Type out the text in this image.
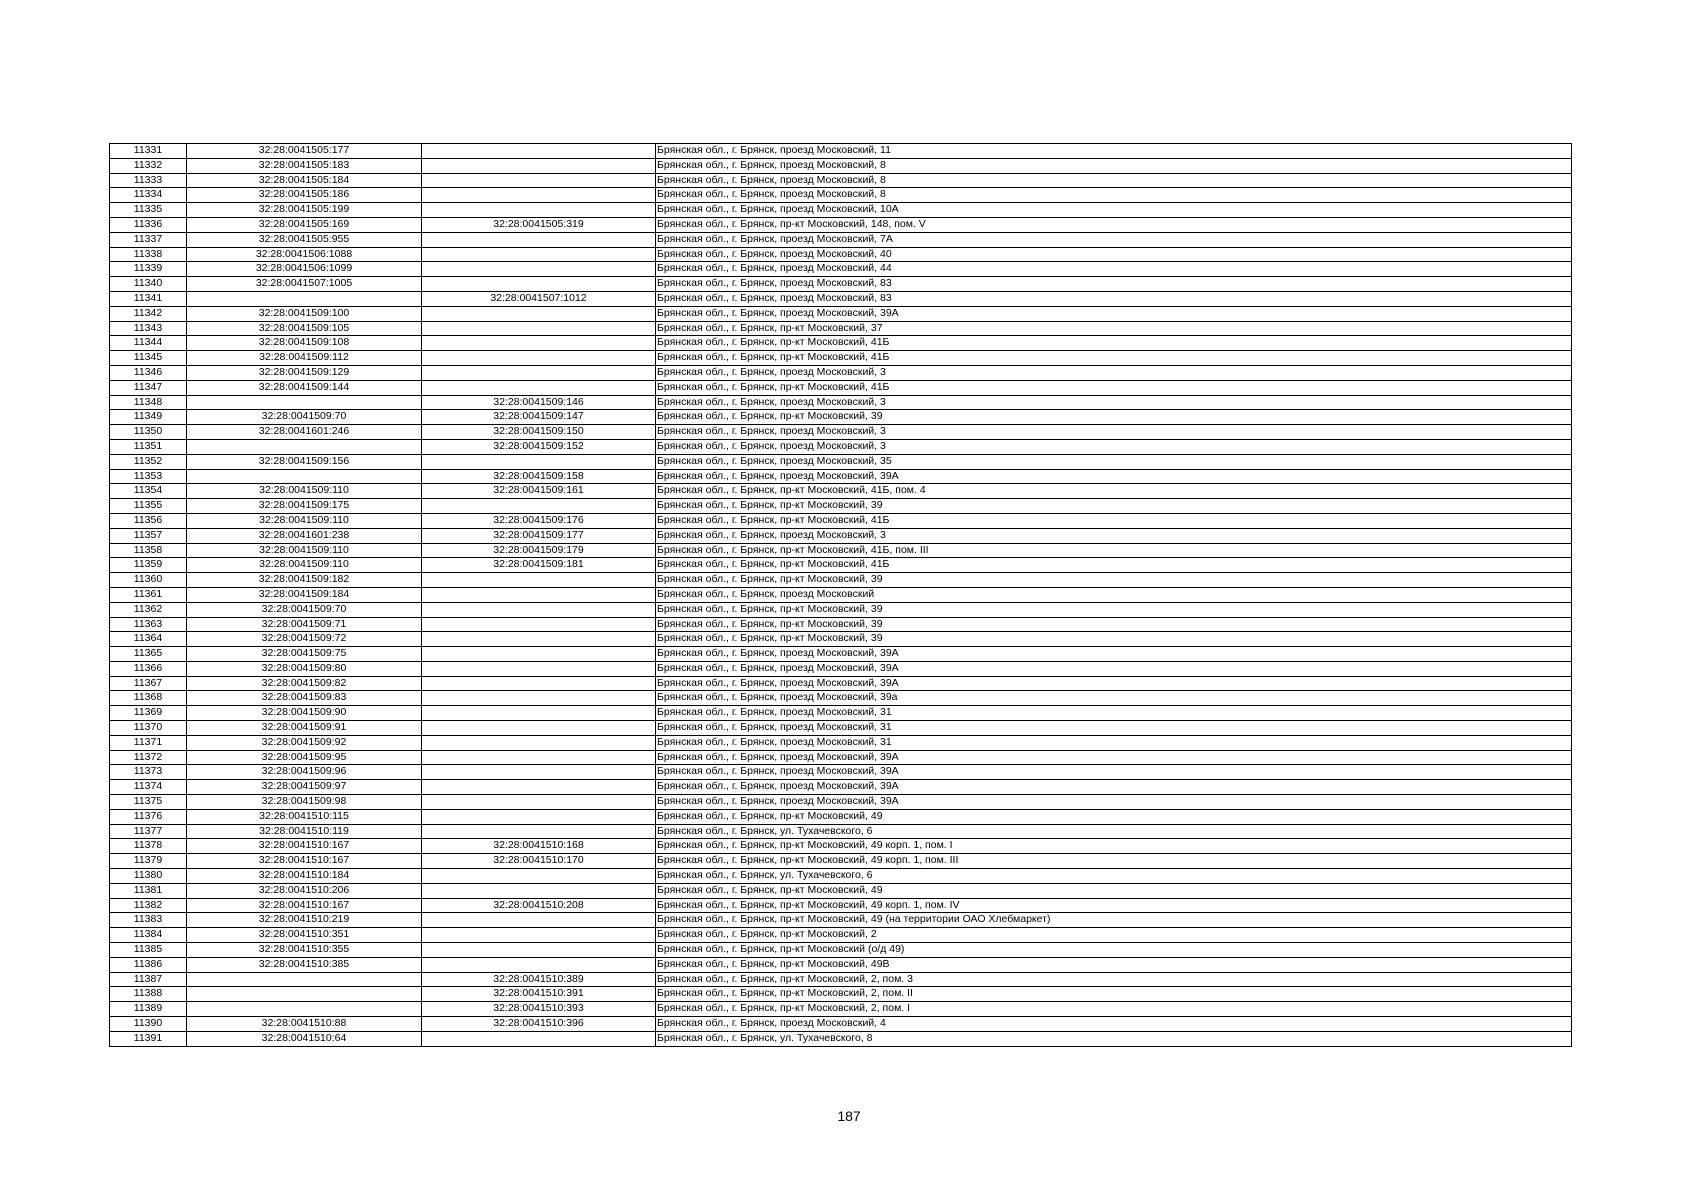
11331	32:28:0041505:177		Брянская обл., г. Брянск, проезд Московский, 11
11332	32:28:0041505:183		Брянская обл., г. Брянск, проезд Московский, 8
11333	32:28:0041505:184		Брянская обл., г. Брянск, проезд Московский, 8
11334	32:28:0041505:186		Брянская обл., г. Брянск, проезд Московский, 8
11335	32:28:0041505:199		Брянская обл., г. Брянск, проезд Московский, 10А
11336	32:28:0041505:169	32:28:0041505:319	Брянская обл., г. Брянск, пр-кт Московский, 148, пом. V
11337	32:28:0041505:955		Брянская обл., г. Брянск, проезд Московский, 7А
11338	32:28:0041506:1088		Брянская обл., г. Брянск, проезд Московский, 40
11339	32:28:0041506:1099		Брянская обл., г. Брянск, проезд Московский, 44
11340	32:28:0041507:1005		Брянская обл., г. Брянск, проезд Московский, 83
11341		32:28:0041507:1012	Брянская обл., г. Брянск, проезд Московский, 83
11342	32:28:0041509:100		Брянская обл., г. Брянск, проезд Московский, 39А
11343	32:28:0041509:105		Брянская обл., г. Брянск, пр-кт Московский, 37
11344	32:28:0041509:108		Брянская обл., г. Брянск, пр-кт Московский, 41Б
11345	32:28:0041509:112		Брянская обл., г. Брянск, пр-кт Московский, 41Б
11346	32:28:0041509:129		Брянская обл., г. Брянск, проезд Московский, 3
11347	32:28:0041509:144		Брянская обл., г. Брянск, пр-кт Московский, 41Б
11348		32:28:0041509:146	Брянская обл., г. Брянск, проезд Московский, 3
11349	32:28:0041509:70	32:28:0041509:147	Брянская обл., г. Брянск, пр-кт Московский, 39
11350	32:28:0041601:246	32:28:0041509:150	Брянская обл., г. Брянск, проезд Московский, 3
11351		32:28:0041509:152	Брянская обл., г. Брянск, проезд Московский, 3
11352	32:28:0041509:156		Брянская обл., г. Брянск, проезд Московский, 35
11353		32:28:0041509:158	Брянская обл., г. Брянск, проезд Московский, 39А
11354	32:28:0041509:110	32:28:0041509:161	Брянская обл., г. Брянск, пр-кт Московский, 41Б, пом. 4
11355	32:28:0041509:175		Брянская обл., г. Брянск, пр-кт Московский, 39
11356	32:28:0041509:110	32:28:0041509:176	Брянская обл., г. Брянск, пр-кт Московский, 41Б
11357	32:28:0041601:238	32:28:0041509:177	Брянская обл., г. Брянск, проезд Московский, 3
11358	32:28:0041509:110	32:28:0041509:179	Брянская обл., г. Брянск, пр-кт Московский, 41Б, пом. III
11359	32:28:0041509:110	32:28:0041509:181	Брянская обл., г. Брянск, пр-кт Московский, 41Б
11360	32:28:0041509:182		Брянская обл., г. Брянск, пр-кт Московский, 39
11361	32:28:0041509:184		Брянская обл., г. Брянск, проезд Московский
11362	32:28:0041509:70		Брянская обл., г. Брянск, пр-кт Московский, 39
11363	32:28:0041509:71		Брянская обл., г. Брянск, пр-кт Московский, 39
11364	32:28:0041509:72		Брянская обл., г. Брянск, пр-кт Московский, 39
11365	32:28:0041509:75		Брянская обл., г. Брянск, проезд Московский, 39А
11366	32:28:0041509:80		Брянская обл., г. Брянск, проезд Московский, 39А
11367	32:28:0041509:82		Брянская обл., г. Брянск, проезд Московский, 39А
11368	32:28:0041509:83		Брянская обл., г. Брянск, проезд Московский, 39а
11369	32:28:0041509:90		Брянская обл., г. Брянск, проезд Московский, 31
11370	32:28:0041509:91		Брянская обл., г. Брянск, проезд Московский, 31
11371	32:28:0041509:92		Брянская обл., г. Брянск, проезд Московский, 31
11372	32:28:0041509:95		Брянская обл., г. Брянск, проезд Московский, 39А
11373	32:28:0041509:96		Брянская обл., г. Брянск, проезд Московский, 39А
11374	32:28:0041509:97		Брянская обл., г. Брянск, проезд Московский, 39А
11375	32:28:0041509:98		Брянская обл., г. Брянск, проезд Московский, 39А
11376	32:28:0041510:115		Брянская обл., г. Брянск, пр-кт Московский, 49
11377	32:28:0041510:119		Брянская обл., г. Брянск, ул. Тухачевского, 6
11378	32:28:0041510:167	32:28:0041510:168	Брянская обл., г. Брянск, пр-кт Московский, 49 корп. 1, пом. I
11379	32:28:0041510:167	32:28:0041510:170	Брянская обл., г. Брянск, пр-кт Московский, 49 корп. 1, пом. III
11380	32:28:0041510:184		Брянская обл., г. Брянск, ул. Тухачевского, 6
11381	32:28:0041510:206		Брянская обл., г. Брянск, пр-кт Московский, 49
11382	32:28:0041510:167	32:28:0041510:208	Брянская обл., г. Брянск, пр-кт Московский, 49 корп. 1, пом. IV
11383	32:28:0041510:219		Брянская обл., г. Брянск, пр-кт Московский, 49 (на территории ОАО Хлебмаркет)
11384	32:28:0041510:351		Брянская обл., г. Брянск, пр-кт Московский, 2
11385	32:28:0041510:355		Брянская обл., г. Брянск, пр-кт Московский (о/д 49)
11386	32:28:0041510:385		Брянская обл., г. Брянск, пр-кт Московский, 49В
11387		32:28:0041510:389	Брянская обл., г. Брянск, пр-кт Московский, 2, пом. 3
11388		32:28:0041510:391	Брянская обл., г. Брянск, пр-кт Московский, 2, пом. II
11389		32:28:0041510:393	Брянская обл., г. Брянск, пр-кт Московский, 2, пом. I
11390	32:28:0041510:88	32:28:0041510:396	Брянская обл., г. Брянск, проезд Московский, 4
11391	32:28:0041510:64		Брянская обл., г. Брянск, ул. Тухачевского, 8
187
